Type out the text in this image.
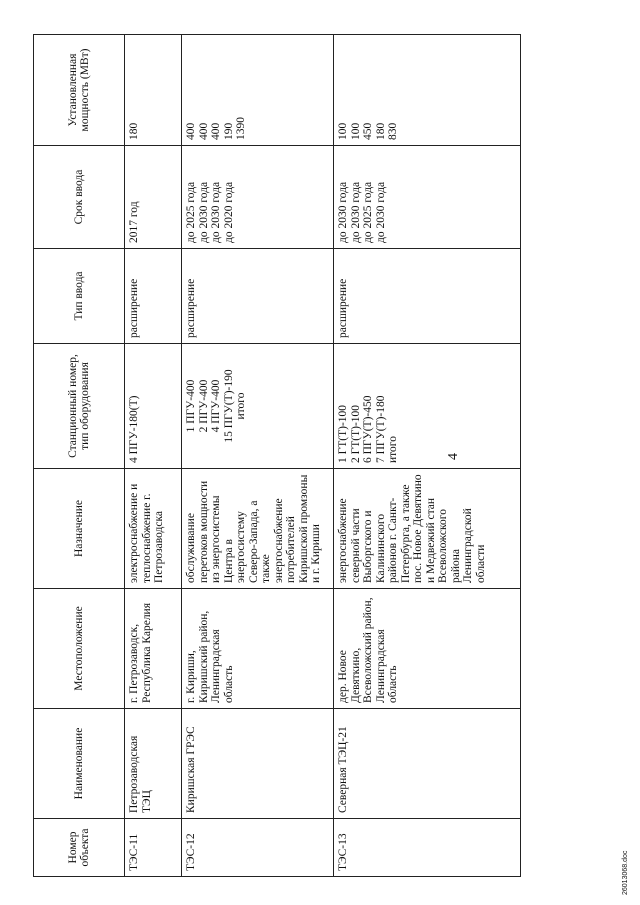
4
Номер объекта	Наименование	Местоположение	Назначение	Станционный номер, тип оборудования	Тип ввода	Срок ввода	Установленная мощность (МВт)
ТЭС-11	Петрозаводская ТЭЦ	г. Петрозаводск, Республика Карелия	электроснабжение и теплоснабжение г. Петрозаводска	4 ПГУ-180(Т)	расширение	2017 год	180

ТЭС-12	Киришская ГРЭС	г. Кириши, Киришский район, Ленинградская область	обслуживание перетоков мощности из энергосистемы Центра в энергосистему Северо-Запада, а также энергоснабжение потребителей Киришской промзоны и г. Кириши	1 ПГУ-400 2 ПГУ-400 4 ПГУ-400 15 ПГУ(Т)-190 итого	расширение	до 2025 года до 2030 года до 2030 года до 2020 года	400 400 400 190 1390

ТЭС-13	Северная ТЭЦ-21	дер. Новое Девяткино, Всеволожский район, Ленинградская область	энергоснабжение северной части Выборгского и Калининского районов г. Санкт-Петербурга, а также пос. Новое Девяткино и Медвежий стан Всеволожского района Ленинградской области	1 ГТ(Т)-100 2 ГТ(Т)-100 6 ПГУ(Т)-450 7 ПГУ(Т)-180 итого	расширение	до 2030 года до 2030 года до 2025 года до 2030 года	100 100 450 180 830
26013068.doc
